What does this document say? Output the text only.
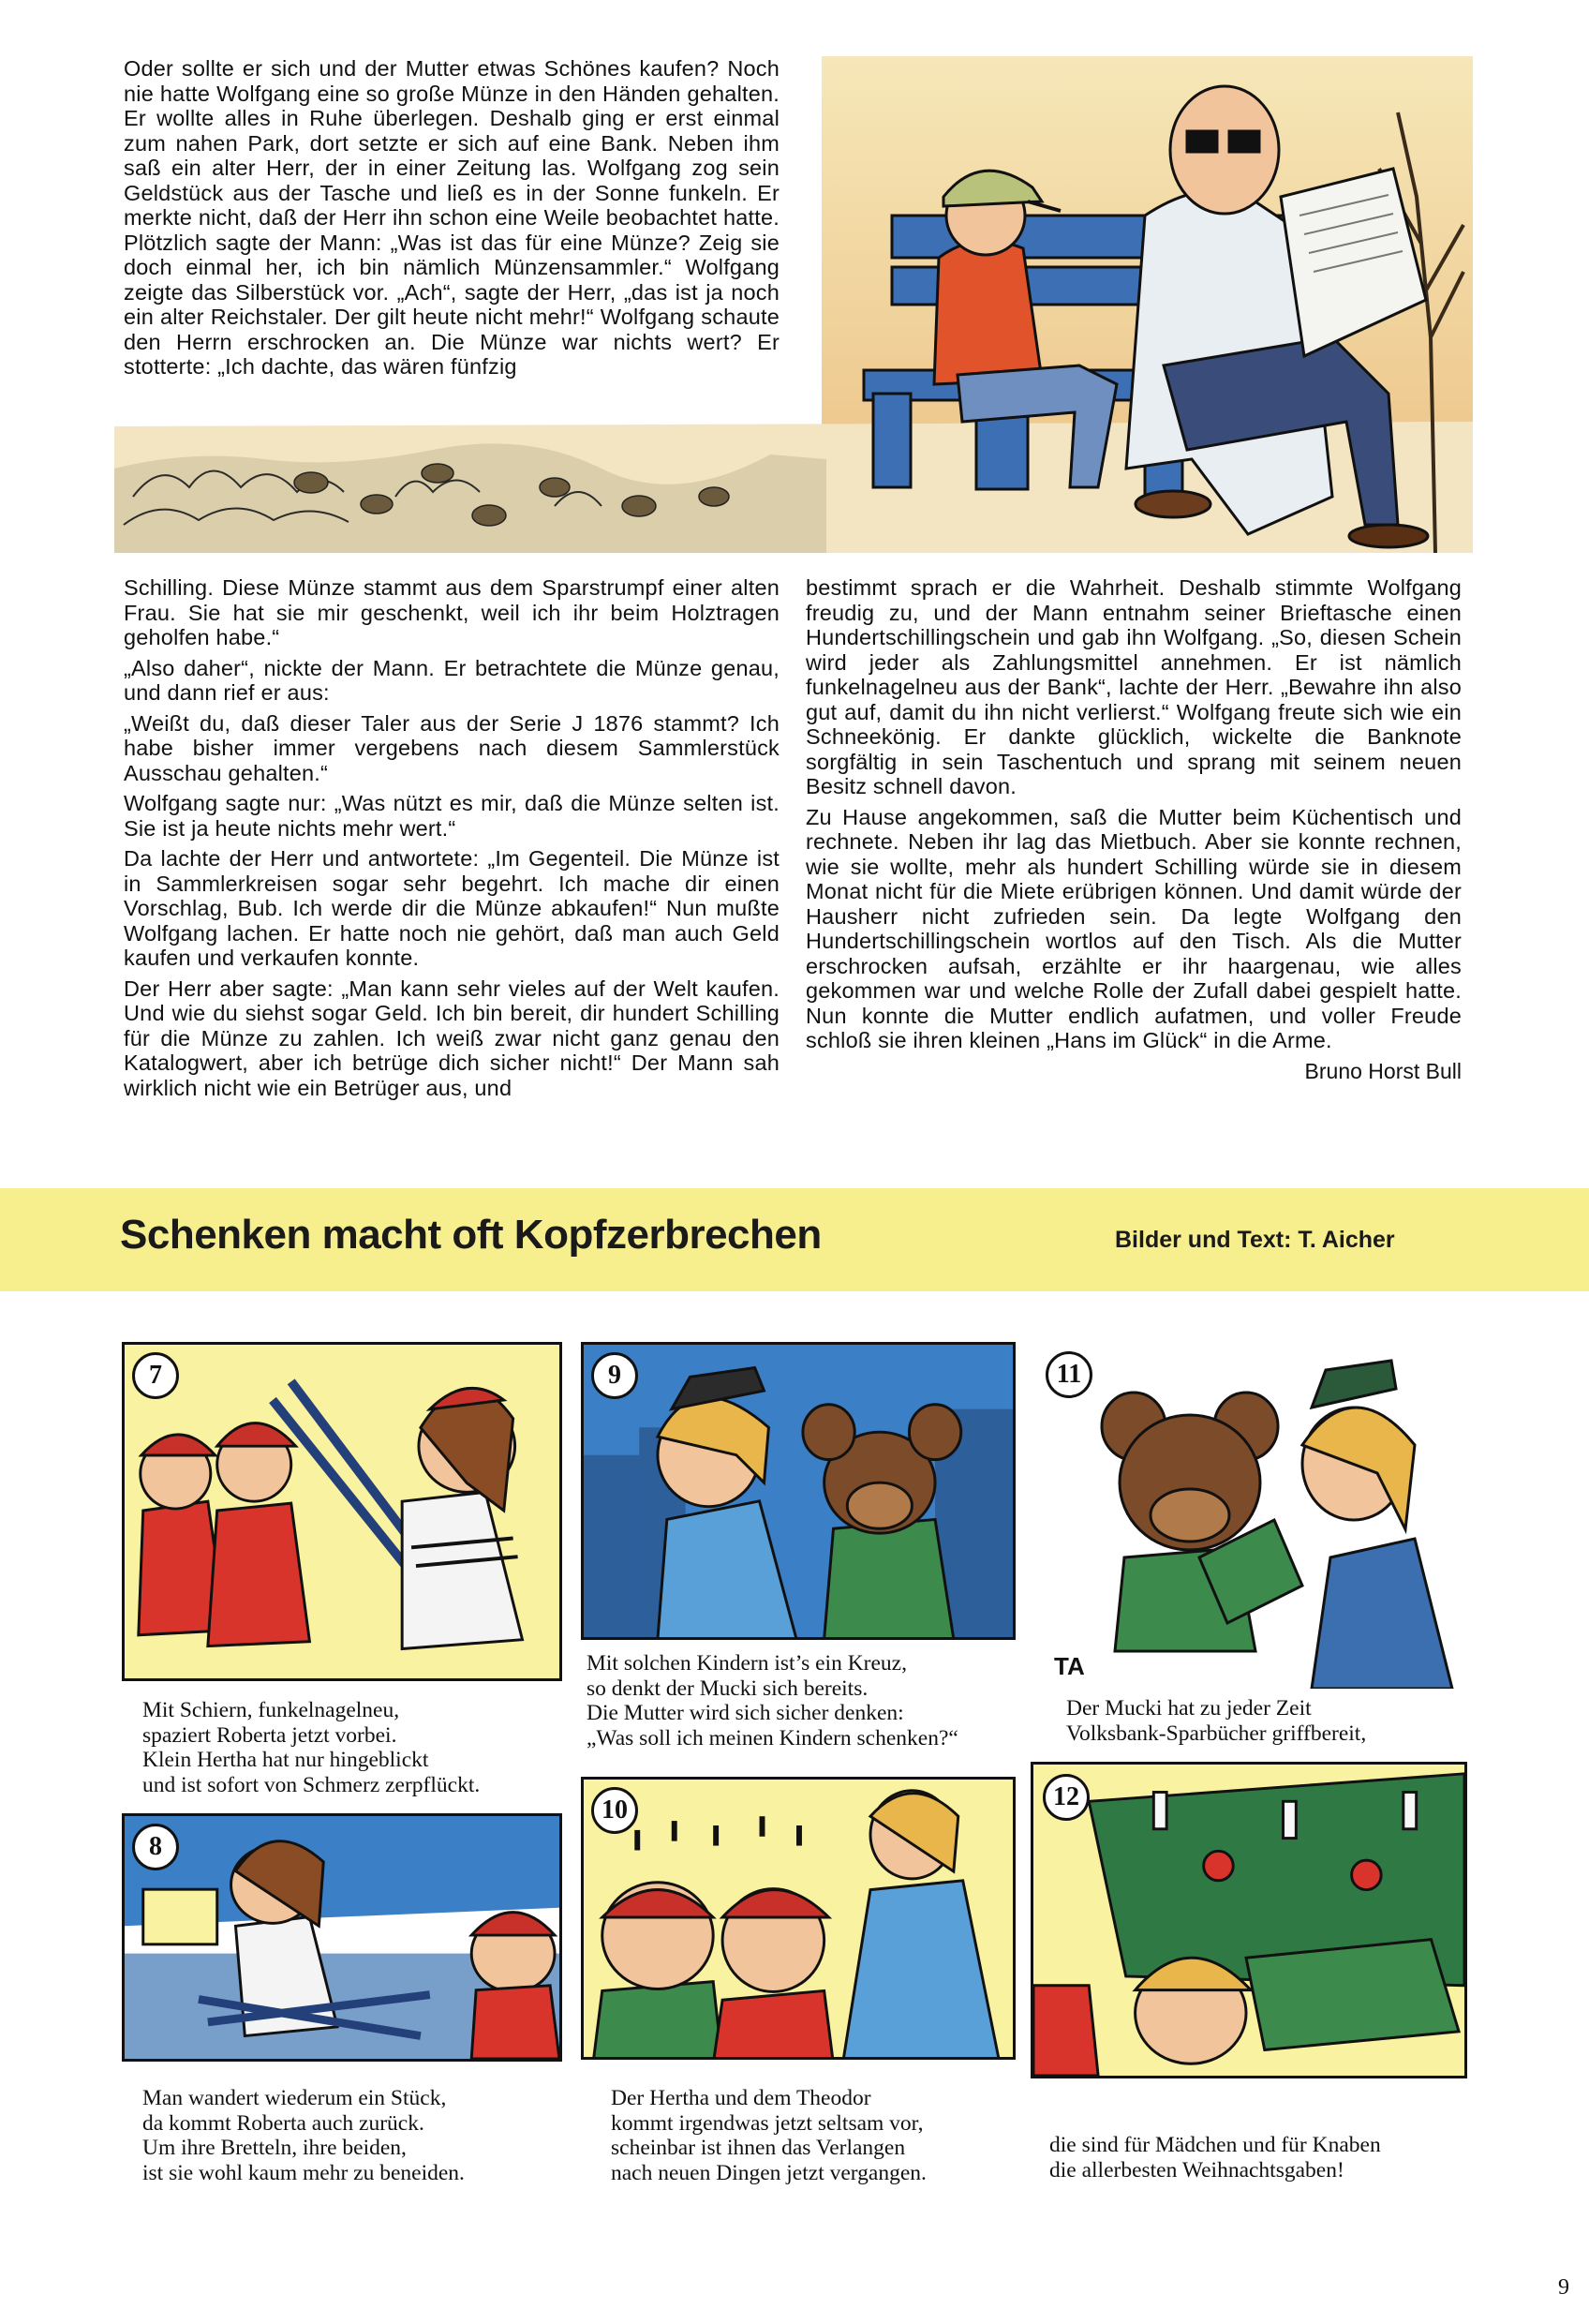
Oder sollte er sich und der Mutter etwas Schönes kaufen? Noch nie hatte Wolfgang eine so große Münze in den Händen gehalten. Er wollte alles in Ruhe überlegen. Deshalb ging er erst einmal zum nahen Park, dort setzte er sich auf eine Bank. Neben ihm saß ein alter Herr, der in einer Zeitung las. Wolfgang zog sein Geldstück aus der Tasche und ließ es in der Sonne funkeln. Er merkte nicht, daß der Herr ihn schon eine Weile beobachtet hatte. Plötzlich sagte der Mann: „Was ist das für eine Münze? Zeig sie doch einmal her, ich bin nämlich Münzensammler.“ Wolfgang zeigte das Silberstück vor. „Ach“, sagte der Herr, „das ist ja noch ein alter Reichstaler. Der gilt heute nicht mehr!“ Wolfgang schaute den Herrn erschrocken an. Die Münze war nichts wert? Er stotterte: „Ich dachte, das wären fünfzig

Schilling. Diese Münze stammt aus dem Sparstrumpf einer alten Frau. Sie hat sie mir geschenkt, weil ich ihr beim Holztragen geholfen habe.“

„Also daher“, nickte der Mann. Er betrachtete die Münze genau, und dann rief er aus:

„Weißt du, daß dieser Taler aus der Serie J 1876 stammt? Ich habe bisher immer vergebens nach diesem Sammlerstück Ausschau gehalten.“

Wolfgang sagte nur: „Was nützt es mir, daß die Münze selten ist. Sie ist ja heute nichts mehr wert.“

Da lachte der Herr und antwortete: „Im Gegenteil. Die Münze ist in Sammlerkreisen sogar sehr begehrt. Ich mache dir einen Vorschlag, Bub. Ich werde dir die Münze abkaufen!“ Nun mußte Wolfgang lachen. Er hatte noch nie gehört, daß man auch Geld kaufen und verkaufen konnte.

Der Herr aber sagte: „Man kann sehr vieles auf der Welt kaufen. Und wie du siehst sogar Geld. Ich bin bereit, dir hundert Schilling für die Münze zu zahlen. Ich weiß zwar nicht ganz genau den Katalogwert, aber ich betrüge dich sicher nicht!“ Der Mann sah wirklich nicht wie ein Betrüger aus, und

bestimmt sprach er die Wahrheit. Deshalb stimmte Wolfgang freudig zu, und der Mann entnahm seiner Brieftasche einen Hundertschillingschein und gab ihn Wolfgang. „So, diesen Schein wird jeder als Zahlungsmittel annehmen. Er ist nämlich funkelnagelneu aus der Bank“, lachte der Herr. „Bewahre ihn also gut auf, damit du ihn nicht verlierst.“ Wolfgang freute sich wie ein Schneekönig. Er dankte glücklich, wickelte die Banknote sorgfältig in sein Taschentuch und sprang mit seinem neuen Besitz schnell davon.

Zu Hause angekommen, saß die Mutter beim Küchentisch und rechnete. Neben ihr lag das Mietbuch. Aber sie konnte rechnen, wie sie wollte, mehr als hundert Schilling würde sie in diesem Monat nicht für die Miete erübrigen können. Und damit würde der Hausherr nicht zufrieden sein. Da legte Wolfgang den Hundertschillingschein wortlos auf den Tisch. Als die Mutter erschrocken aufsah, erzählte er ihr haargenau, wie alles gekommen war und welche Rolle der Zufall dabei gespielt hatte. Nun konnte die Mutter endlich aufatmen, und voller Freude schloß sie ihren kleinen „Hans im Glück“ in die Arme.

Bruno Horst Bull
Schenken macht oft Kopfzerbrechen	Bilder und Text: T. Aicher
7
Mit Schiern, funkelnagelneu,
spaziert Roberta jetzt vorbei.
Klein Hertha hat nur hingeblickt
und ist sofort von Schmerz zerpflückt.
8
Man wandert wiederum ein Stück,
da kommt Roberta auch zurück.
Um ihre Bretteln, ihre beiden,
ist sie wohl kaum mehr zu beneiden.
9
Mit solchen Kindern ist’s ein Kreuz,
so denkt der Mucki sich bereits.
Die Mutter wird sich sicher denken:
„Was soll ich meinen Kindern schenken?“
10
Der Hertha und dem Theodor
kommt irgendwas jetzt seltsam vor,
scheinbar ist ihnen das Verlangen
nach neuen Dingen jetzt vergangen.
TA
11
Der Mucki hat zu jeder Zeit
Volksbank-Sparbücher griffbereit,
12
die sind für Mädchen und für Knaben
die allerbesten Weihnachtsgaben!
9
